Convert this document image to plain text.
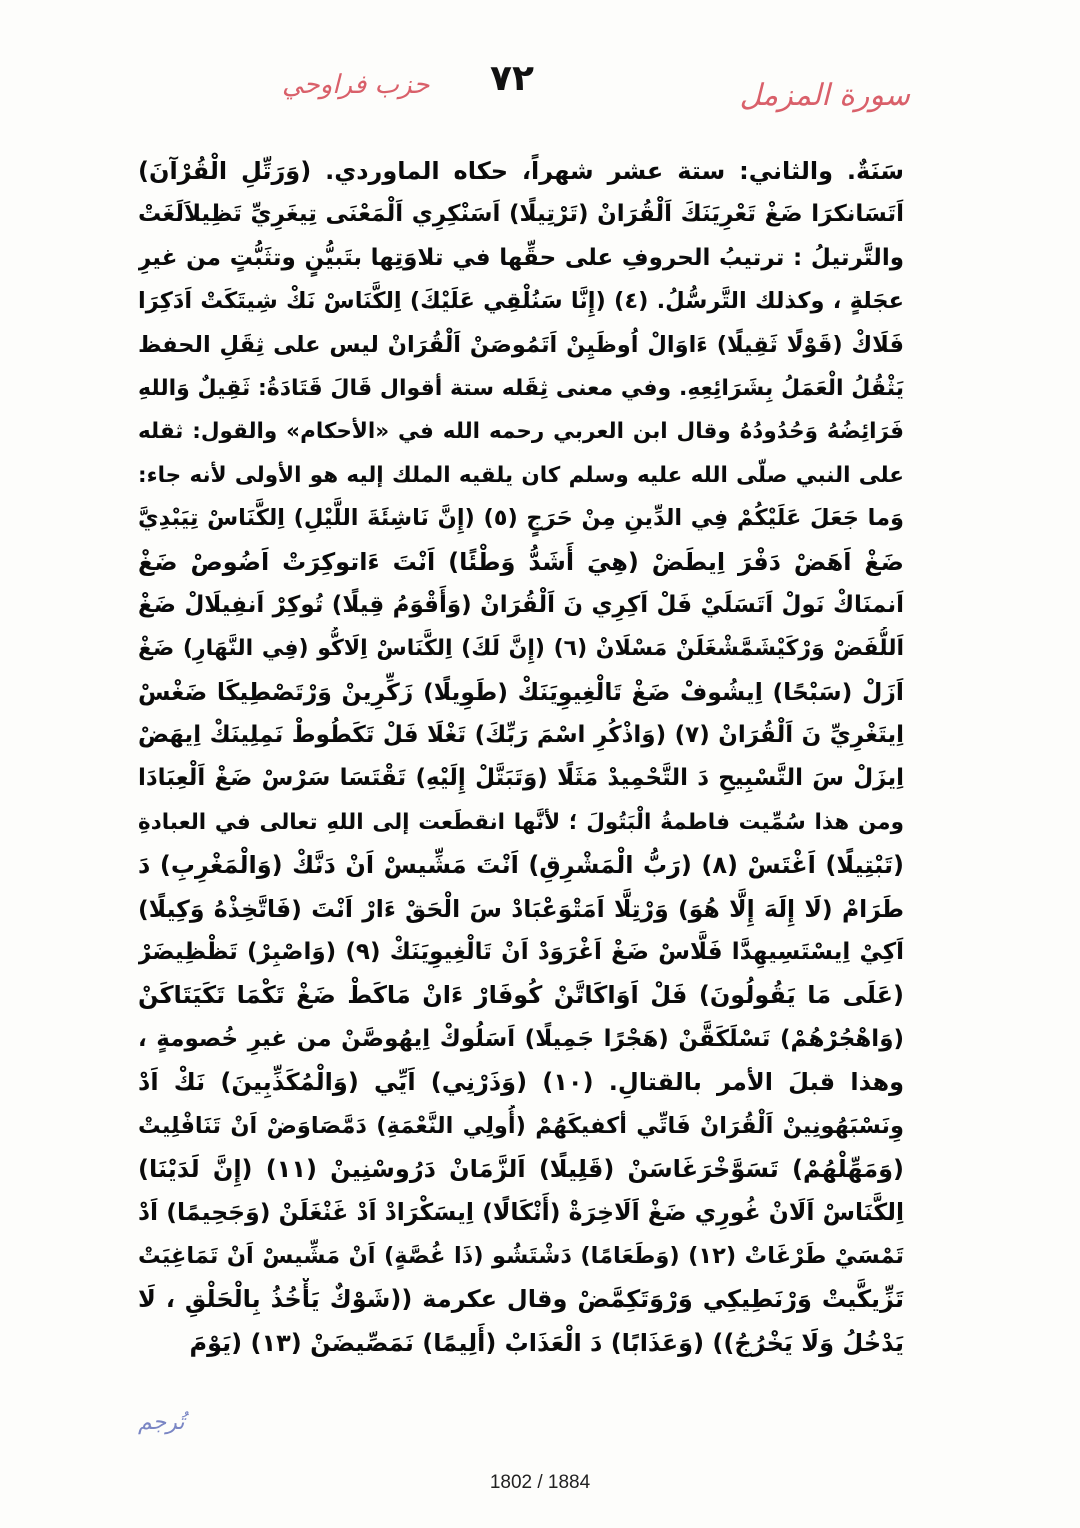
سورة المزمل
٧٢
حزب فراوحي
سَنَةٌ. والثاني: ستة عشر شهراً، حكاه الماوردي. (وَرَتِّلِ الْقُرْآنَ)
اَتَسَانكرَا ضَغْ تَعْرِيَنَكَ اَلْقُرَانْ (تَرْتِيلًا) اَسَنْكِرِي اَلْمَعْنَى تِيغَرِيِّ تَظِيلاَلَغَتْ
والتَّرتيلُ : ترتيبُ الحروفِ على حقِّها في تلاوَتِها بتَبيُّنٍ وتثَبُّتٍ من غيرِ
عجَلةٍ ، وكذلك التَّرسُّلُ. (٤) (إِنَّا سَنُلْقِي عَلَيْكَ) اِلكَّنَاسْ نَكْ شِيتَكَتْ اَدَكِرَا
فَلَاكْ (قَوْلًا ثَقِيلًا) ءَاوَالْ اُوظَيِنْ اَتَمُوصَنْ اَلْقُرَانْ ليس على ثِقَلِ الحفظ
يَثْقُلُ الْعَمَلُ بِشَرَائِعِهِ. وفي معنى ثِقَله ستة أقوال قَالَ قَتَادَةُ: ثَقِيلٌ وَاللهِ
فَرَائِضُهُ وَحُدُودُهُ وقال ابن العربي رحمه الله في «الأحكام» والقول: ثقله
على النبي صلّى الله عليه وسلم كان يلقيه الملك إليه هو الأولى لأنه جاء:
وَما جَعَلَ عَلَيْكُمْ فِي الدِّينِ مِنْ حَرَجٍ (٥) (إِنَّ نَاشِئَةَ اللَّيْلِ) اِلكَّنَاسْ تِيَبْدِيَّ
ضَغْ اَهَضْ دَفْرَ اِيطَضْ (هِيَ أَشَدُّ وَطْئًا) اَنْتَ ءَاتوكِرَتْ اَضُوصْ ضَغْ
اَنمنَاكْ نَولْ اَتَسَلَيْ فَلْ اَكِرِي نَ اَلْقُرَانْ (وَأَقْوَمُ قِيلًا) تُوكِرْ اَنفِيلَالْ ضَغْ
اَللُّفَضْ وَرْكَيْشَمَّشْغَلَنْ مَسْلَانْ (٦) (إِنَّ لَكَ) اِلكَّنَاسْ اِلَاكُّو (فِي النَّهَارِ) ضَغْ
اَزَلْ (سَبْحًا) اِيشُوفْ ضَغْ تَالْغِيوِيَنَكْ (طَوِيلًا) زَكِّرِينْ وَرْتَصْطِيكَا ضَغْسْ
اِيتَغْرِيِّ نَ اَلْقُرَانْ (٧) (وَاذْكُرِ اسْمَ رَبِّكَ) تَغْلَا فَلْ تَكَطُوطْ نَمِلِينَكْ اِيهَضْ
اِيزَلْ سَ التَّسْبِيحِ دَ التَّحْمِيدْ مَثَلًا (وَتَبَتَّلْ إِلَيْهِ) تَقْتَسَا سَرْسْ ضَغْ اَلْعِبَادَا
ومن هذا سُمِّيت فاطمةُ الْبَتُولَ ؛ لأنَّها انقطَعت إلى اللهِ تعالى في العبادةِ
(تَبْتِيلًا) اَغْتَسْ (٨) (رَبُّ الْمَشْرِقِ) اَنْتَ مَشِّيسْ اَنْ دَنَّكْ (وَالْمَغْرِبِ) دَ
طَرَامْ (لَا إِلَهَ إِلَّا هُوَ) وَرْتِلَّا اَمَتْوَعْبَادْ سَ الْحَقْ ءَارْ اَنْتَ (فَاتَّخِذْهُ وَكِيلًا)
اَكِيْ اِيسْتَسِيهِدَّا فَلَّاسْ ضَغْ اَغْرَوَدْ اَنْ تَالْغِيوِيَنَكْ (٩) (وَاصْبِرْ) تَظْظِيضَرْ
(عَلَى مَا يَقُولُونَ) فَلْ اَوَاكَاتَّنْ كُوفَارْ ءَانْ مَاكَطْ ضَغْ تَكْمَا تَكَيَتَاكَنْ
(وَاهْجُرْهُمْ) تَسْلَكَقَّنْ (هَجْرًا جَمِيلًا) اَسَلُوكْ اِيهُوصَّنْ من غيرِ خُصومةٍ ،
وهذا قبلَ الأمر بالقتالِ. (١٠) (وَذَرْنِي) اَيِّي (وَالْمُكَذِّبِينَ) نَكْ اَدْ
وِنَسْبَهُونِينْ اَلْقُرَانْ فَاتِّي أكفيكَهُمْ (أُولِي النَّعْمَةِ) دَمَّصَاوَضْ اَنْ تَنَافْلِيتْ
(وَمَهِّلْهُمْ) تَسَوَّخْرَغَاسَنْ (قَلِيلًا) اَلزَّمَانْ دَرُوسْنِينْ (١١) (إِنَّ لَدَيْنَا)
اِلكَّنَاسْ اَلَانْ غُورِي ضَغْ اَلَاخِرَةْ (أَنْكَالًا) اِيسَكْرَادْ اَدْ غَنْغَلَنْ (وَجَحِيمًا) اَدْ
تَمْسَيْ طَرْغَاتْ (١٢) (وَطَعَامًا) دَشْتَشُو (ذَا غُصَّةٍ) اَنْ مَشِّيسْ اَنْ تَمَاغِيَتْ
تَزِّيكَّيتْ وَرْنَطِيكِي وَرْوَتَكِمَّضْ وقال عكرمة ((شَوْكٌ يَأْخُذُ بِالْحَلْقِ ، لَا
يَدْخُلُ وَلَا يَخْرُجُ)) (وَعَذَابًا) دَ الْعَذَابْ (أَلِيمًا) نَمَصِّيضَنْ (١٣) (يَوْمَ
تُرجم
1802 / 1884
